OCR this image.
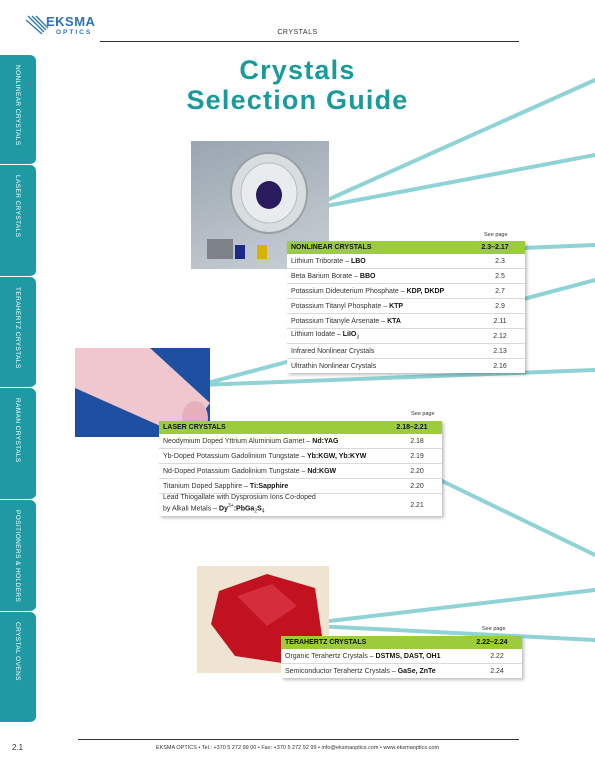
EKSMA
OPTICS	CRYSTALS
Crystals
Selection Guide
NONLINEAR CRYSTALS
LASER CRYSTALS
TERAHERTZ CRYSTALS
RAMAN CRYSTALS
POSITIONERS & HOLDERS
CRYSTAL OVENS
See page
NONLINEAR CRYSTALS	2.3–2.17
Lithium Triborate – LBO	2.3
Beta Barium Borate – BBO	2.5
Potassium Dideuterium Phosphate – KDP, DKDP	2.7
Potassium Titanyl Phosphate – KTP	2.9
Potassium Titanyle Arsenate – KTA	2.11
Lithium Iodate – LiIO$_3$	2.12
Infrared Nonlinear Crystals	2.13
Ultrathin Nonlinear Crystals	2.16
See page
LASER CRYSTALS	2.18–2.21
Neodymium Doped Yttrium Aluminium Garnet – Nd:YAG	2.18
Yb-Doped Potassium Gadolinium Tungstate – Yb:KGW, Yb:KYW	2.19
Nd-Doped Potassium Gadolinium Tungstate – Nd:KGW	2.20
Titanium Doped Sapphire – Ti:Sapphire	2.20
Lead Thiogallate with Dysprosium Ions Co-doped
by Alkali Metals – $Dy^{3+}:PbGa_2S_4$
2.21
See page
TERAHERTZ CRYSTALS	2.22–2.24
Organic Terahertz Crystals – DSTMS, DAST, OH1	2.22
Semiconductor Terahertz Crystals – GaSe, ZnTe	2.24
2.1	EKSMA OPTICS • Tel.: +370 5 272 99 00 • Fax: +370 5 272 92 99 • info@eksmaoptics.com • www.eksmaoptics.com
